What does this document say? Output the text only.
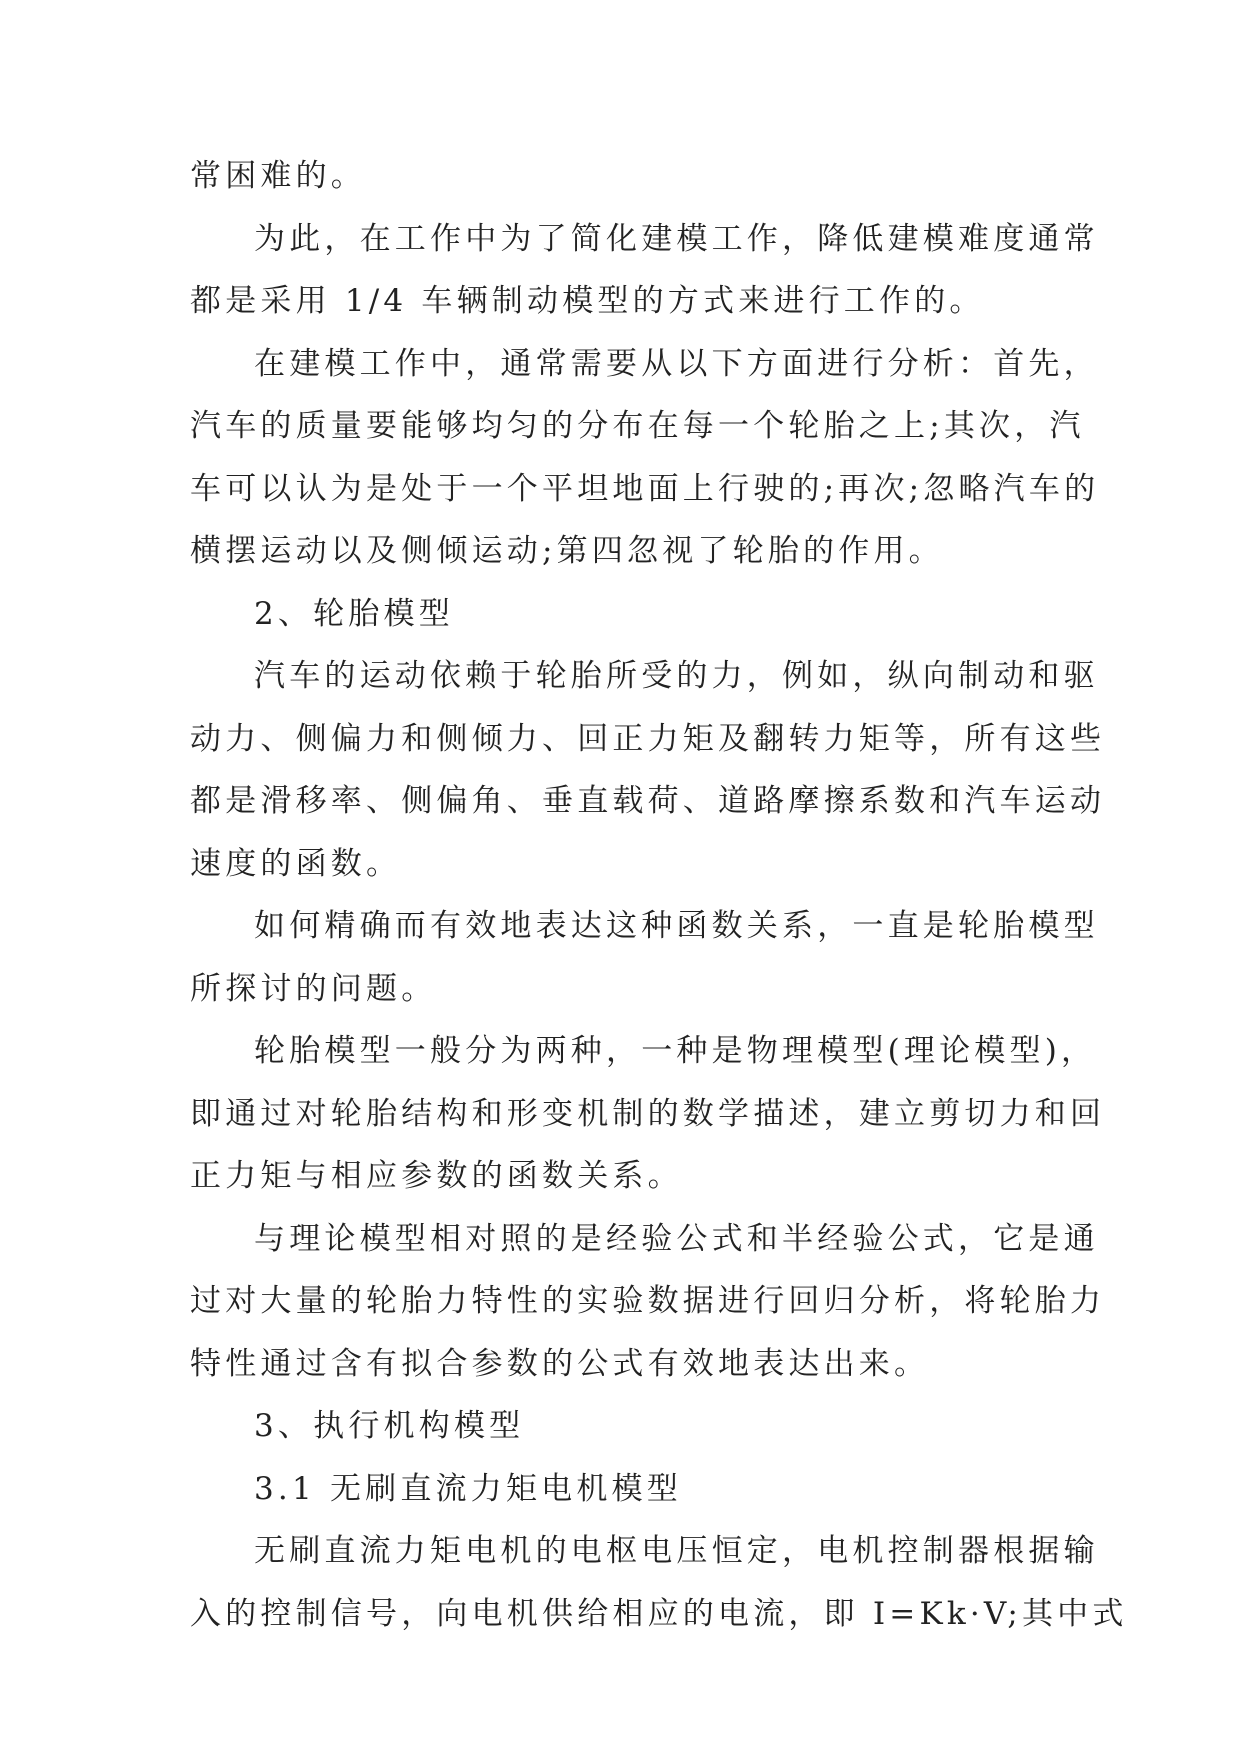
常困难的。
为此，在工作中为了简化建模工作，降低建模难度通常
都是采用 1/4 车辆制动模型的方式来进行工作的。
在建模工作中，通常需要从以下方面进行分析：首先，
汽车的质量要能够均匀的分布在每一个轮胎之上;其次，汽
车可以认为是处于一个平坦地面上行驶的;再次;忽略汽车的
横摆运动以及侧倾运动;第四忽视了轮胎的作用。
2、轮胎模型
汽车的运动依赖于轮胎所受的力，例如，纵向制动和驱
动力、侧偏力和侧倾力、回正力矩及翻转力矩等，所有这些
都是滑移率、侧偏角、垂直载荷、道路摩擦系数和汽车运动
速度的函数。
如何精确而有效地表达这种函数关系，一直是轮胎模型
所探讨的问题。
轮胎模型一般分为两种，一种是物理模型(理论模型)，
即通过对轮胎结构和形变机制的数学描述，建立剪切力和回
正力矩与相应参数的函数关系。
与理论模型相对照的是经验公式和半经验公式，它是通
过对大量的轮胎力特性的实验数据进行回归分析，将轮胎力
特性通过含有拟合参数的公式有效地表达出来。
3、执行机构模型
3.1 无刷直流力矩电机模型
无刷直流力矩电机的电枢电压恒定，电机控制器根据输
入的控制信号，向电机供给相应的电流，即 I=Kk·V;其中式
